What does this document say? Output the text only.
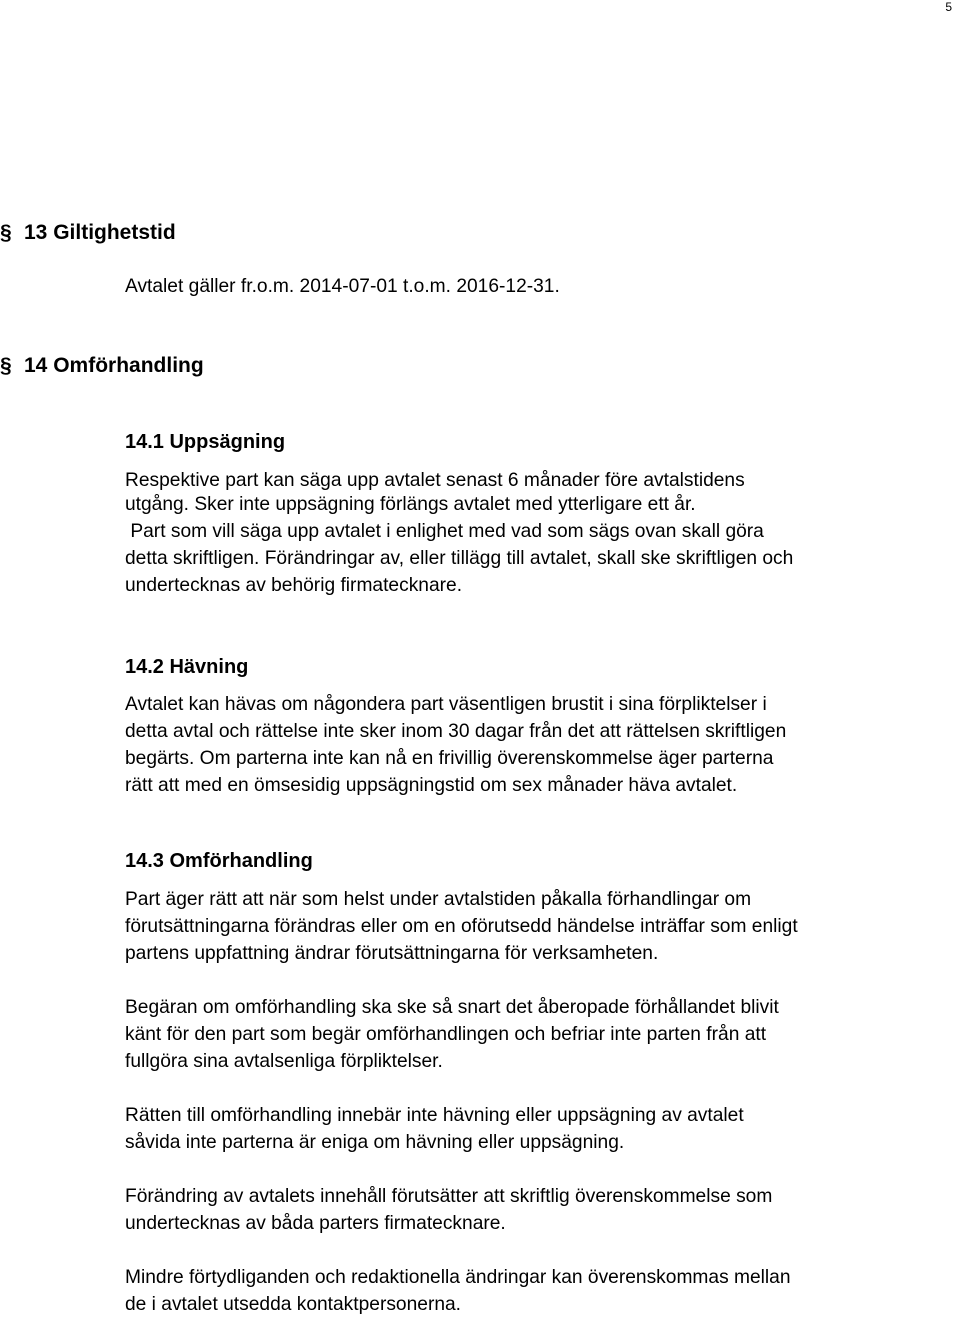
5
§ 13 Giltighetstid
Avtalet gäller fr.o.m. 2014-07-01 t.o.m. 2016-12-31.
§ 14 Omförhandling
14.1 Uppsägning
Respektive part kan säga upp avtalet senast 6 månader före avtalstidens
utgång. Sker inte uppsägning förlängs avtalet med ytterligare ett år.
Part som vill säga upp avtalet i enlighet med vad som sägs ovan skall göra
detta skriftligen. Förändringar av, eller tillägg till avtalet, skall ske skriftligen och
undertecknas av behörig firmatecknare.
14.2 Hävning
Avtalet kan hävas om någondera part väsentligen brustit i sina förpliktelser i
detta avtal och rättelse inte sker inom 30 dagar från det att rättelsen skriftligen
begärts. Om parterna inte kan nå en frivillig överenskommelse äger parterna
rätt att med en ömsesidig uppsägningstid om sex månader häva avtalet.
14.3 Omförhandling
Part äger rätt att när som helst under avtalstiden påkalla förhandlingar om
förutsättningarna förändras eller om en oförutsedd händelse inträffar som enligt
partens uppfattning ändrar förutsättningarna för verksamheten.
Begäran om omförhandling ska ske så snart det åberopade förhållandet blivit
känt för den part som begär omförhandlingen och befriar inte parten från att
fullgöra sina avtalsenliga förpliktelser.
Rätten till omförhandling innebär inte hävning eller uppsägning av avtalet
såvida inte parterna är eniga om hävning eller uppsägning.
Förändring av avtalets innehåll förutsätter att skriftlig överenskommelse som
undertecknas av båda parters firmatecknare.
Mindre förtydliganden och redaktionella ändringar kan överenskommas mellan
de i avtalet utsedda kontaktpersonerna.
